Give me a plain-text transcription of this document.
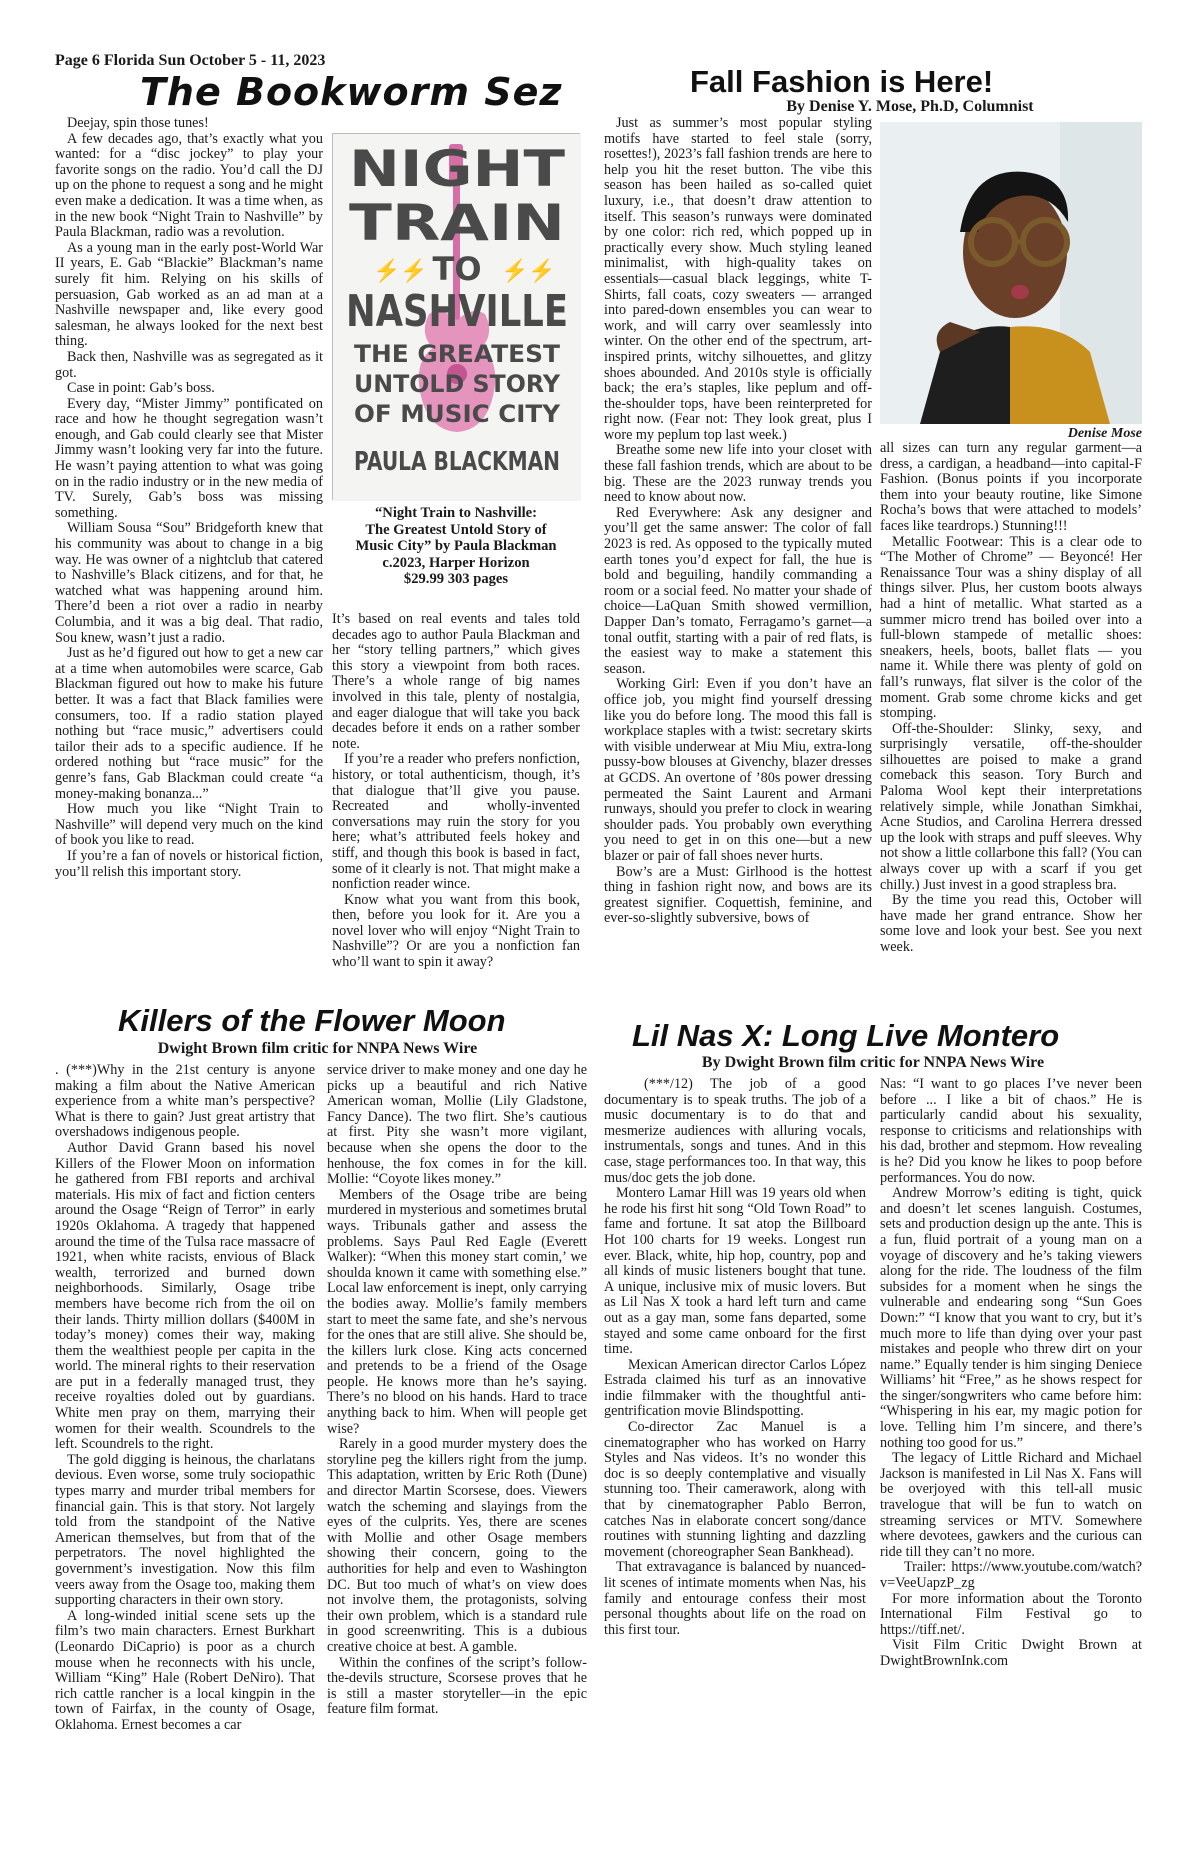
Page 6 Florida Sun October 5 - 11, 2023
The Bookworm Sez

Deejay, spin those tunes!

A few decades ago, that’s exactly what you wanted: for a “disc jockey” to play your favorite songs on the radio. You’d call the DJ up on the phone to request a song and he might even make a dedication. It was a time when, as in the new book “Night Train to Nashville” by Paula Blackman, radio was a revolution.

As a young man in the early post-World War II years, E. Gab “Blackie” Blackman’s name surely fit him. Relying on his skills of persuasion, Gab worked as an ad man at a Nashville newspaper and, like every good salesman, he always looked for the next best thing.

Back then, Nashville was as segregated as it got.

Case in point: Gab’s boss.

Every day, “Mister Jimmy” pontificated on race and how he thought segregation wasn’t enough, and Gab could clearly see that Mister Jimmy wasn’t looking very far into the future. He wasn’t paying attention to what was going on in the radio industry or in the new media of TV. Surely, Gab’s boss was missing something.

William Sousa “Sou” Bridgeforth knew that his community was about to change in a big way. He was owner of a nightclub that catered to Nashville’s Black citizens, and for that, he watched what was happening around him. There’d been a riot over a radio in nearby Columbia, and it was a big deal. That radio, Sou knew, wasn’t just a radio.

Just as he’d figured out how to get a new car at a time when automobiles were scarce, Gab Blackman figured out how to make his future better. It was a fact that Black families were consumers, too. If a radio station played nothing but “race music,” advertisers could tailor their ads to a specific audience. If he ordered nothing but “race music” for the genre’s fans, Gab Blackman could create “a money-making bonanza...”

How much you like “Night Train to Nashville” will depend very much on the kind of book you like to read.

If you’re a fan of novels or historical fiction, you’ll relish this important story.

NIGHT
TRAIN
TO
⚡⚡	⚡⚡
NASHVILLE
THE GREATEST
UNTOLD STORY
OF MUSIC CITY
PAULA BLACKMAN
“Night Train to Nashville:
The Greatest Untold Story of
Music City” by Paula Blackman
c.2023, Harper Horizon
$29.99 303 pages

It’s based on real events and tales told decades ago to author Paula Blackman and her “story telling partners,” which gives this story a viewpoint from both races. There’s a whole range of big names involved in this tale, plenty of nostalgia, and eager dialogue that will take you back decades before it ends on a rather somber note.

If you’re a reader who prefers nonfiction, history, or total authenticism, though, it’s that dialogue that’ll give you pause. Recreated and wholly-invented conversations may ruin the story for you here; what’s attributed feels hokey and stiff, and though this book is based in fact, some of it clearly is not. That might make a nonfiction reader wince.

Know what you want from this book, then, before you look for it. Are you a novel lover who will enjoy “Night Train to Nashville”? Or are you a nonfiction fan who’ll want to spin it away?

Fall Fashion is Here!
By Denise Y. Mose, Ph.D, Columnist

Just as summer’s most popular styling motifs have started to feel stale (sorry, rosettes!), 2023’s fall fashion trends are here to help you hit the reset button. The vibe this season has been hailed as so-called quiet luxury, i.e., that doesn’t draw attention to itself. This season’s runways were dominated by one color: rich red, which popped up in practically every show. Much styling leaned minimalist, with high-quality takes on essentials—casual black leggings, white T-Shirts, fall coats, cozy sweaters — arranged into pared-down ensembles you can wear to work, and will carry over seamlessly into winter. On the other end of the spectrum, art-inspired prints, witchy silhouettes, and glitzy shoes abounded. And 2010s style is officially back; the era’s staples, like peplum and off-the-shoulder tops, have been reinterpreted for right now. (Fear not: They look great, plus I wore my peplum top last week.)

Breathe some new life into your closet with these fall fashion trends, which are about to be big. These are the 2023 runway trends you need to know about now.

Red Everywhere: Ask any designer and you’ll get the same answer: The color of fall 2023 is red. As opposed to the typically muted earth tones you’d expect for fall, the hue is bold and beguiling, handily commanding a room or a social feed. No matter your shade of choice—LaQuan Smith showed vermillion, Dapper Dan’s tomato, Ferragamo’s garnet—a tonal outfit, starting with a pair of red flats, is the easiest way to make a statement this season.

Working Girl: Even if you don’t have an office job, you might find yourself dressing like you do before long. The mood this fall is workplace staples with a twist: secretary skirts with visible underwear at Miu Miu, extra-long pussy-bow blouses at Givenchy, blazer dresses at GCDS. An overtone of ’80s power dressing permeated the Saint Laurent and Armani runways, should you prefer to clock in wearing shoulder pads. You probably own everything you need to get in on this one—but a new blazer or pair of fall shoes never hurts.

Bow’s are a Must: Girlhood is the hottest thing in fashion right now, and bows are its greatest signifier. Coquettish, feminine, and ever-so-slightly subversive, bows of

Denise Mose

all sizes can turn any regular garment—a dress, a cardigan, a headband—into capital-F Fashion. (Bonus points if you incorporate them into your beauty routine, like Simone Rocha’s bows that were attached to models’ faces like teardrops.) Stunning!!!

Metallic Footwear: This is a clear ode to “The Mother of Chrome” — Beyoncé! Her Renaissance Tour was a shiny display of all things silver. Plus, her custom boots always had a hint of metallic. What started as a summer micro trend has boiled over into a full-blown stampede of metallic shoes: sneakers, heels, boots, ballet flats — you name it. While there was plenty of gold on fall’s runways, flat silver is the color of the moment. Grab some chrome kicks and get stomping.

Off-the-Shoulder: Slinky, sexy, and surprisingly versatile, off-the-shoulder silhouettes are poised to make a grand comeback this season. Tory Burch and Paloma Wool kept their interpretations relatively simple, while Jonathan Simkhai, Acne Studios, and Carolina Herrera dressed up the look with straps and puff sleeves. Why not show a little collarbone this fall? (You can always cover up with a scarf if you get chilly.) Just invest in a good strapless bra.

By the time you read this, October will have made her grand entrance. Show her some love and look your best. See you next week.

Killers of the Flower Moon
Dwight Brown film critic for NNPA News Wire

. (***)Why in the 21st century is anyone making a film about the Native American experience from a white man’s perspective? What is there to gain? Just great artistry that overshadows indigenous people.

Author David Grann based his novel Killers of the Flower Moon on information he gathered from FBI reports and archival materials. His mix of fact and fiction centers around the Osage “Reign of Terror” in early 1920s Oklahoma. A tragedy that happened around the time of the Tulsa race massacre of 1921, when white racists, envious of Black wealth, terrorized and burned down neighborhoods. Similarly, Osage tribe members have become rich from the oil on their lands. Thirty million dollars ($400M in today’s money) comes their way, making them the wealthiest people per capita in the world. The mineral rights to their reservation are put in a federally managed trust, they receive royalties doled out by guardians. White men pray on them, marrying their women for their wealth. Scoundrels to the left. Scoundrels to the right.

The gold digging is heinous, the charlatans devious. Even worse, some truly sociopathic types marry and murder tribal members for financial gain. This is that story. Not largely told from the standpoint of the Native American themselves, but from that of the perpetrators. The novel highlighted the government’s investigation. Now this film veers away from the Osage too, making them supporting characters in their own story.

A long-winded initial scene sets up the film’s two main characters. Ernest Burkhart (Leonardo DiCaprio) is poor as a church mouse when he reconnects with his uncle, William “King” Hale (Robert DeNiro). That rich cattle rancher is a local kingpin in the town of Fairfax, in the county of Osage, Oklahoma. Ernest becomes a car

service driver to make money and one day he picks up a beautiful and rich Native American woman, Mollie (Lily Gladstone, Fancy Dance). The two flirt. She’s cautious at first. Pity she wasn’t more vigilant, because when she opens the door to the henhouse, the fox comes in for the kill. Mollie: “Coyote likes money.”

Members of the Osage tribe are being murdered in mysterious and sometimes brutal ways. Tribunals gather and assess the problems. Says Paul Red Eagle (Everett Walker): “When this money start comin,’ we shoulda known it came with something else.” Local law enforcement is inept, only carrying the bodies away. Mollie’s family members start to meet the same fate, and she’s nervous for the ones that are still alive. She should be, the killers lurk close. King acts concerned and pretends to be a friend of the Osage people. He knows more than he’s saying. There’s no blood on his hands. Hard to trace anything back to him. When will people get wise?

Rarely in a good murder mystery does the storyline peg the killers right from the jump. This adaptation, written by Eric Roth (Dune) and director Martin Scorsese, does. Viewers watch the scheming and slayings from the eyes of the culprits. Yes, there are scenes with Mollie and other Osage members showing their concern, going to the authorities for help and even to Washington DC. But too much of what’s on view does not involve them, the protagonists, solving their own problem, which is a standard rule in good screenwriting. This is a dubious creative choice at best. A gamble.

Within the confines of the script’s follow-the-devils structure, Scorsese proves that he is still a master storyteller—in the epic feature film format.

Lil Nas X: Long Live Montero
By Dwight Brown film critic for NNPA News Wire

(***/12) The job of a good documentary is to speak truths. The job of a music documentary is to do that and mesmerize audiences with alluring vocals, instrumentals, songs and tunes. And in this case, stage performances too. In that way, this mus/doc gets the job done.

Montero Lamar Hill was 19 years old when he rode his first hit song “Old Town Road” to fame and fortune. It sat atop the Billboard Hot 100 charts for 19 weeks. Longest run ever. Black, white, hip hop, country, pop and all kinds of music listeners bought that tune. A unique, inclusive mix of music lovers. But as Lil Nas X took a hard left turn and came out as a gay man, some fans departed, some stayed and some came onboard for the first time.

Mexican American director Carlos López Estrada claimed his turf as an innovative indie filmmaker with the thoughtful anti-gentrification movie Blindspotting.

Co-director Zac Manuel is a cinematographer who has worked on Harry Styles and Nas videos. It’s no wonder this doc is so deeply contemplative and visually stunning too. Their camerawork, along with that by cinematographer Pablo Berron, catches Nas in elaborate concert song/dance routines with stunning lighting and dazzling movement (choreographer Sean Bankhead).

That extravagance is balanced by nuanced-lit scenes of intimate moments when Nas, his family and entourage confess their most personal thoughts about life on the road on this first tour.

Nas: “I want to go places I’ve never been before ... I like a bit of chaos.” He is particularly candid about his sexuality, response to criticisms and relationships with his dad, brother and stepmom. How revealing is he? Did you know he likes to poop before performances. You do now.

Andrew Morrow’s editing is tight, quick and doesn’t let scenes languish. Costumes, sets and production design up the ante. This is a fun, fluid portrait of a young man on a voyage of discovery and he’s taking viewers along for the ride. The loudness of the film subsides for a moment when he sings the vulnerable and endearing song “Sun Goes Down:” “I know that you want to cry, but it’s much more to life than dying over your past mistakes and people who threw dirt on your name.” Equally tender is him singing Deniece Williams’ hit “Free,” as he shows respect for the singer/songwriters who came before him: “Whispering in his ear, my magic potion for love. Telling him I’m sincere, and there’s nothing too good for us.”

The legacy of Little Richard and Michael Jackson is manifested in Lil Nas X. Fans will be overjoyed with this tell-all music travelogue that will be fun to watch on streaming services or MTV. Somewhere where devotees, gawkers and the curious can ride till they can’t no more.

Trailer: https://www.youtube.com/watch?v=VeeUapzP_zg

For more information about the Toronto International Film Festival go to https://tiff.net/.

Visit Film Critic Dwight Brown at DwightBrownInk.com
